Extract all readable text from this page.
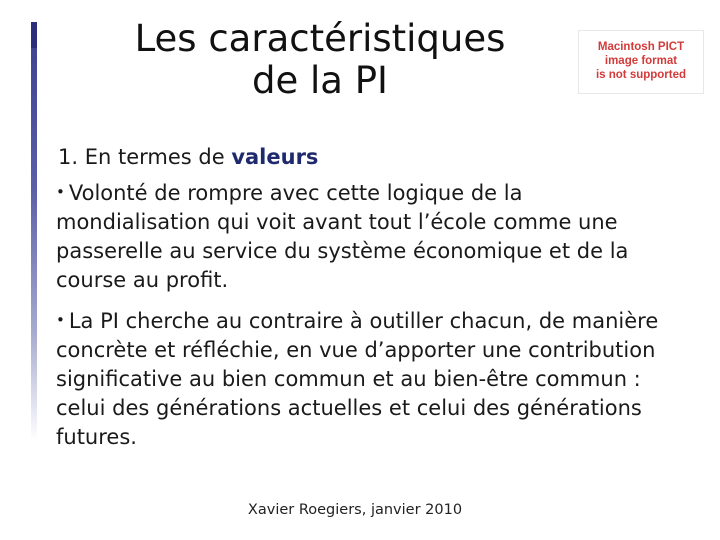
Les caractéristiques
de la PI
Macintosh PICT
image format
is not supported

1. En termes de valeurs

• Volonté de rompre avec cette logique de la mondialisation qui voit avant tout l’école comme une passerelle au service du système économique et de la course au profit.

• La PI cherche au contraire à outiller chacun, de manière concrète et réfléchie, en vue d’apporter une contribution significative au bien commun et au bien-être commun : celui des générations actuelles et celui des générations futures.

Xavier Roegiers, janvier 2010
